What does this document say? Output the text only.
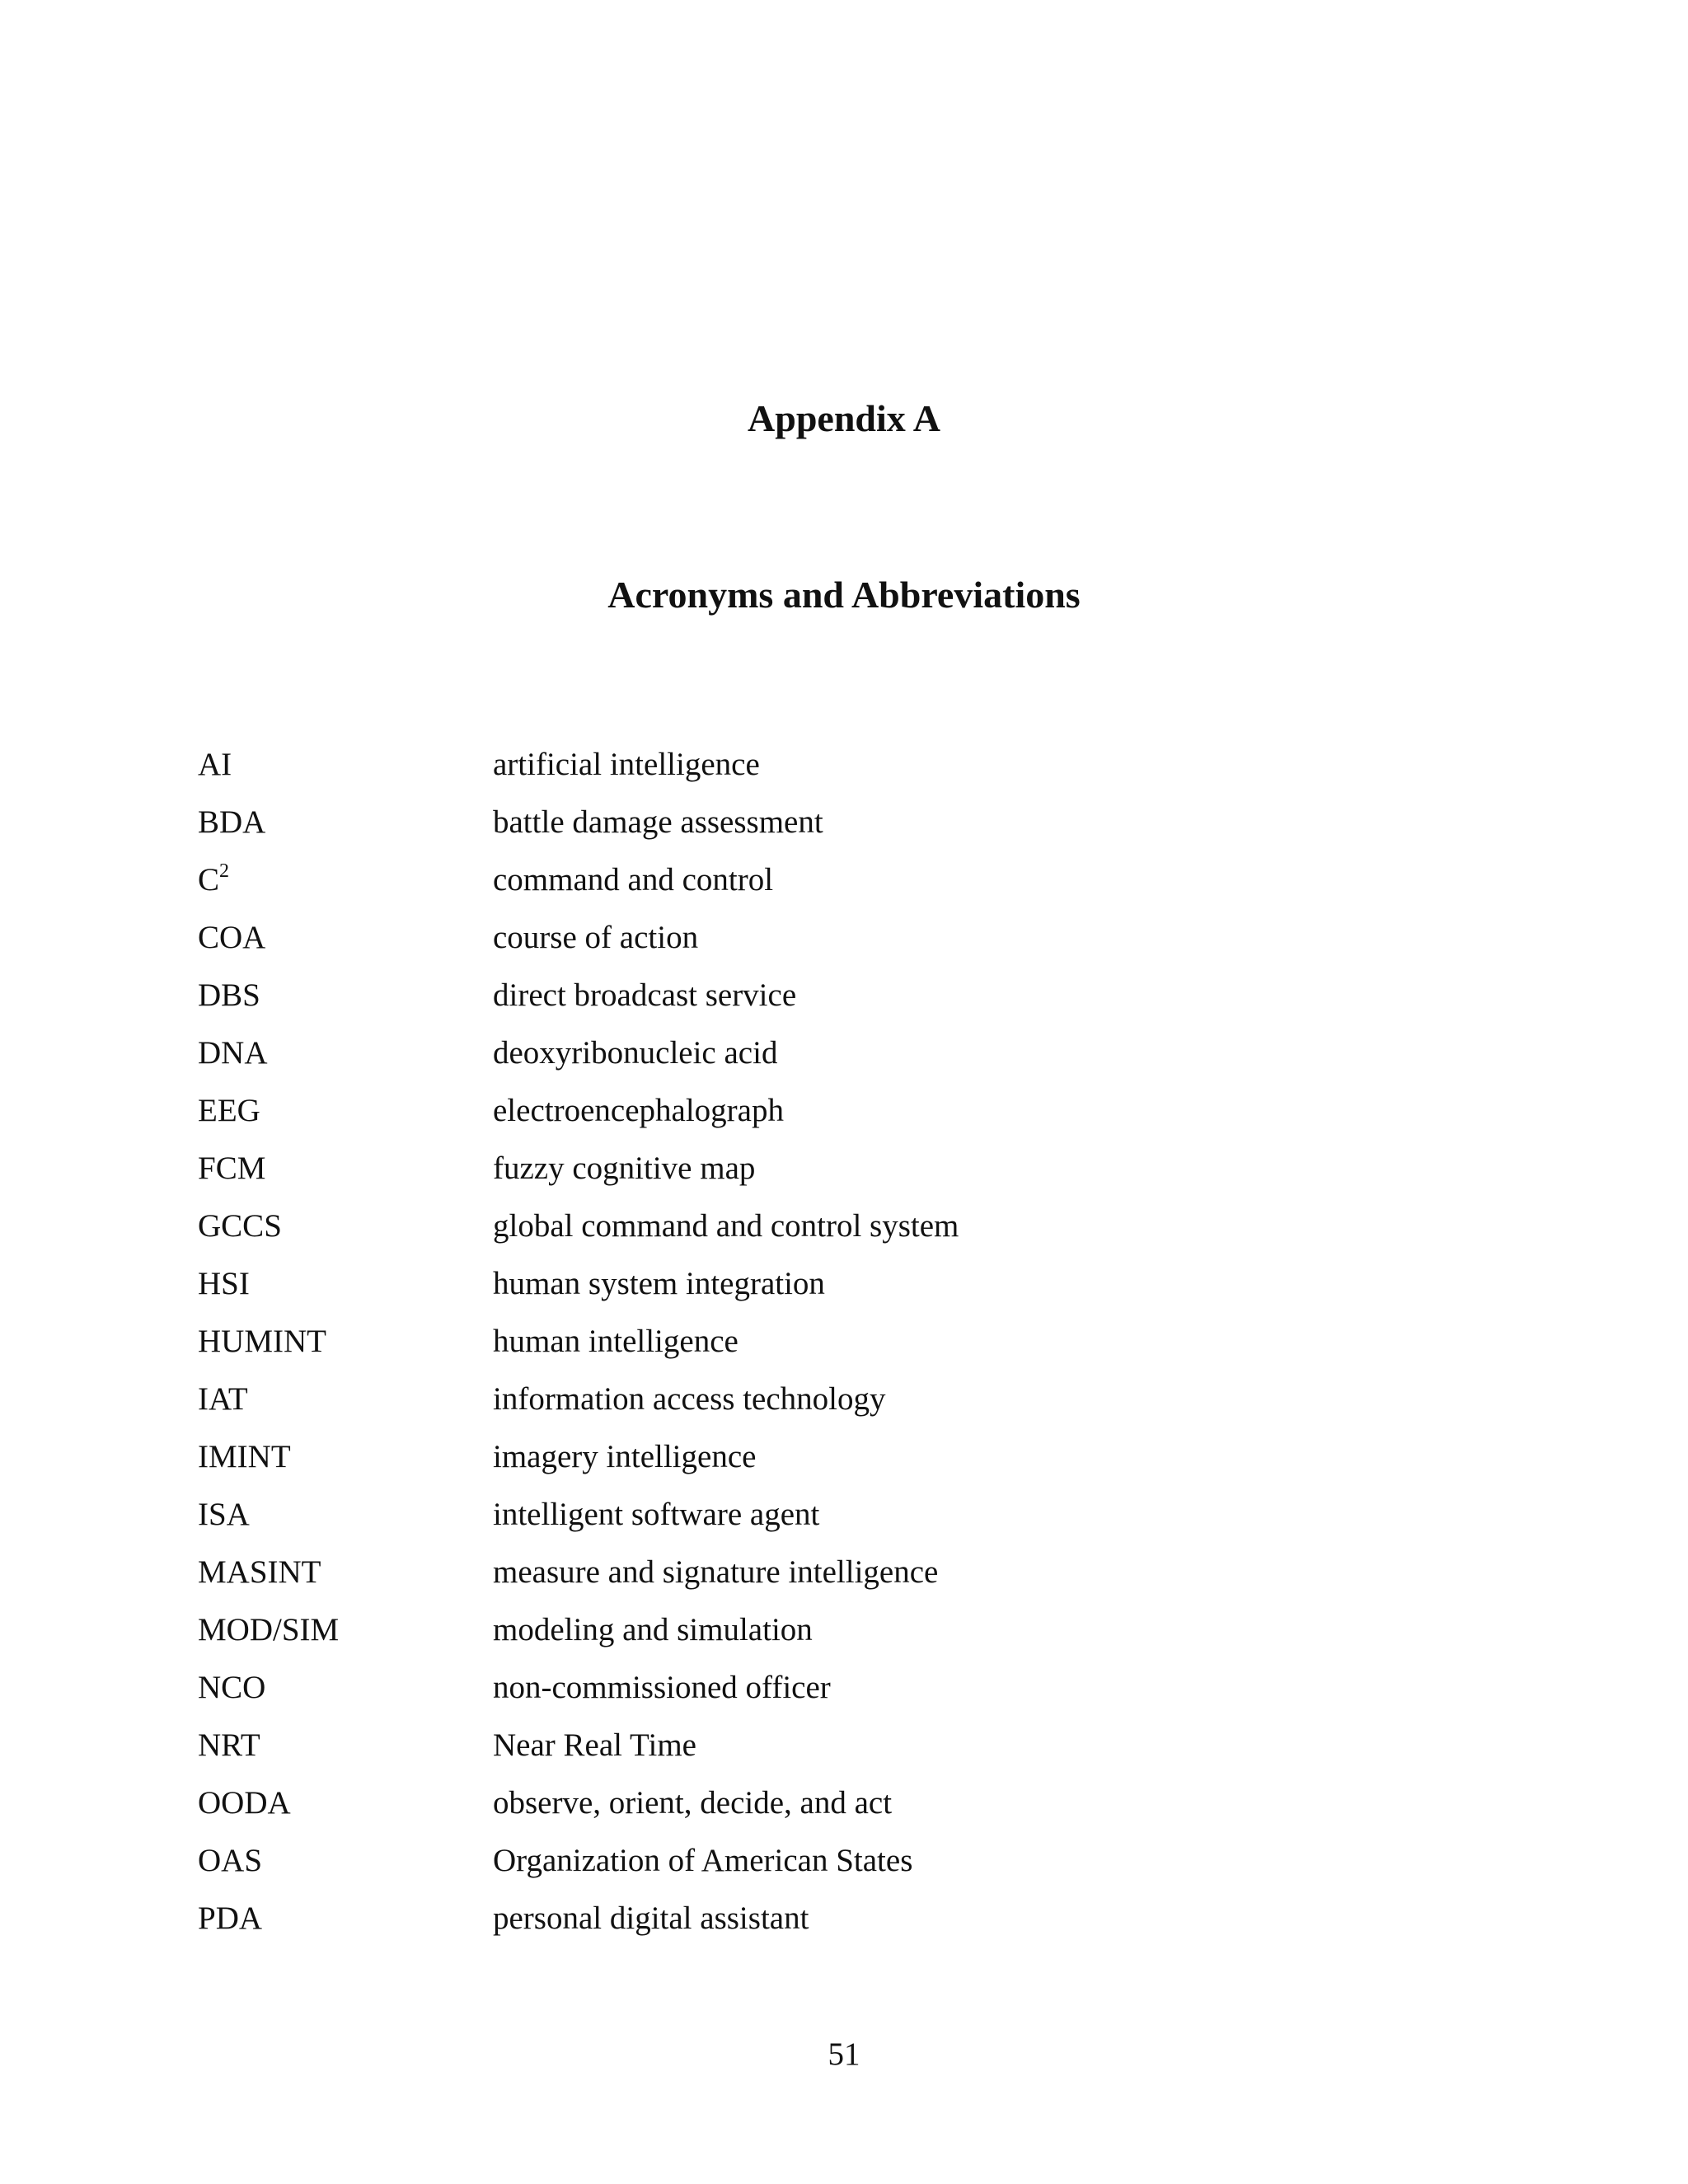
Appendix A
Acronyms and Abbreviations
AI	artificial intelligence
BDA	battle damage assessment
$C^2$	command and control
COA	course of action
DBS	direct broadcast service
DNA	deoxyribonucleic acid
EEG	electroencephalograph
FCM	fuzzy cognitive map
GCCS	global command and control system
HSI	human system integration
HUMINT	human intelligence
IAT	information access technology
IMINT	imagery intelligence
ISA	intelligent software agent
MASINT	measure and signature intelligence
MOD/SIM	modeling and simulation
NCO	non-commissioned officer
NRT	Near Real Time
OODA	observe, orient, decide, and act
OAS	Organization of American States
PDA	personal digital assistant
51
